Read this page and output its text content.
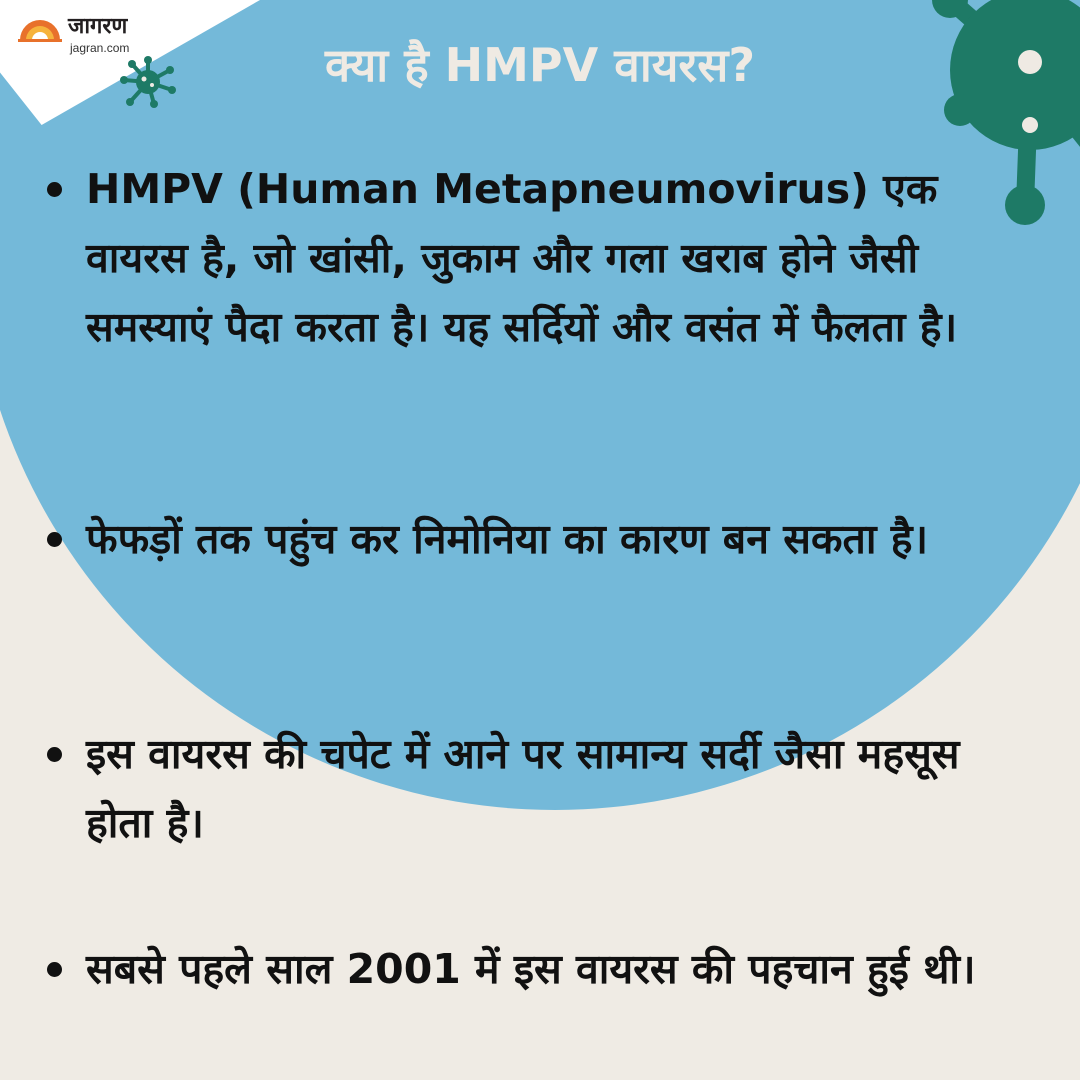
जागरण
jagran.com	क्या है HMPV वायरस?

HMPV (Human Metapneumovirus) एक वायरस है, जो खांसी, जुकाम और गला खराब होने जैसी समस्याएं पैदा करता है। यह सर्दियों और वसंत में फैलता है।

फेफड़ों तक पहुंच कर निमोनिया का कारण बन सकता है।

इस वायरस की चपेट में आने पर सामान्य सर्दी जैसा महसूस होता है।

सबसे पहले साल 2001 में इस वायरस की पहचान हुई थी।
